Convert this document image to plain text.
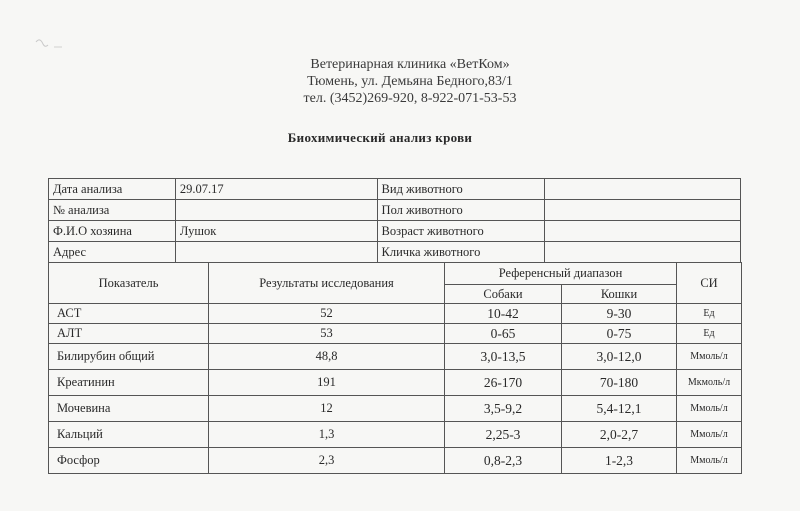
Ветеринарная клиника «ВетКом»
Тюмень, ул. Демьяна Бедного,83/1
тел. (3452)269-920, 8-922-071-53-53
Биохимический анализ крови
Дата анализа	29.07.17	Вид животного	
№ анализа		Пол животного	
Ф.И.О хозяина	Лушок	Возраст животного	
Адрес		Кличка животного	
Показатель	Результаты исследования	Референсный диапазон		СИ
		Собаки	Кошки	
АСТ	52	10-42	9-30	Ед
АЛТ	53	0-65	0-75	Ед
Билирубин общий	48,8	3,0-13,5	3,0-12,0	Ммоль/л
Креатинин	191	26-170	70-180	Мкмоль/л
Мочевина	12	3,5-9,2	5,4-12,1	Ммоль/л
Кальций	1,3	2,25-3	2,0-2,7	Ммоль/л
Фосфор	2,3	0,8-2,3	1-2,3	Ммоль/л
